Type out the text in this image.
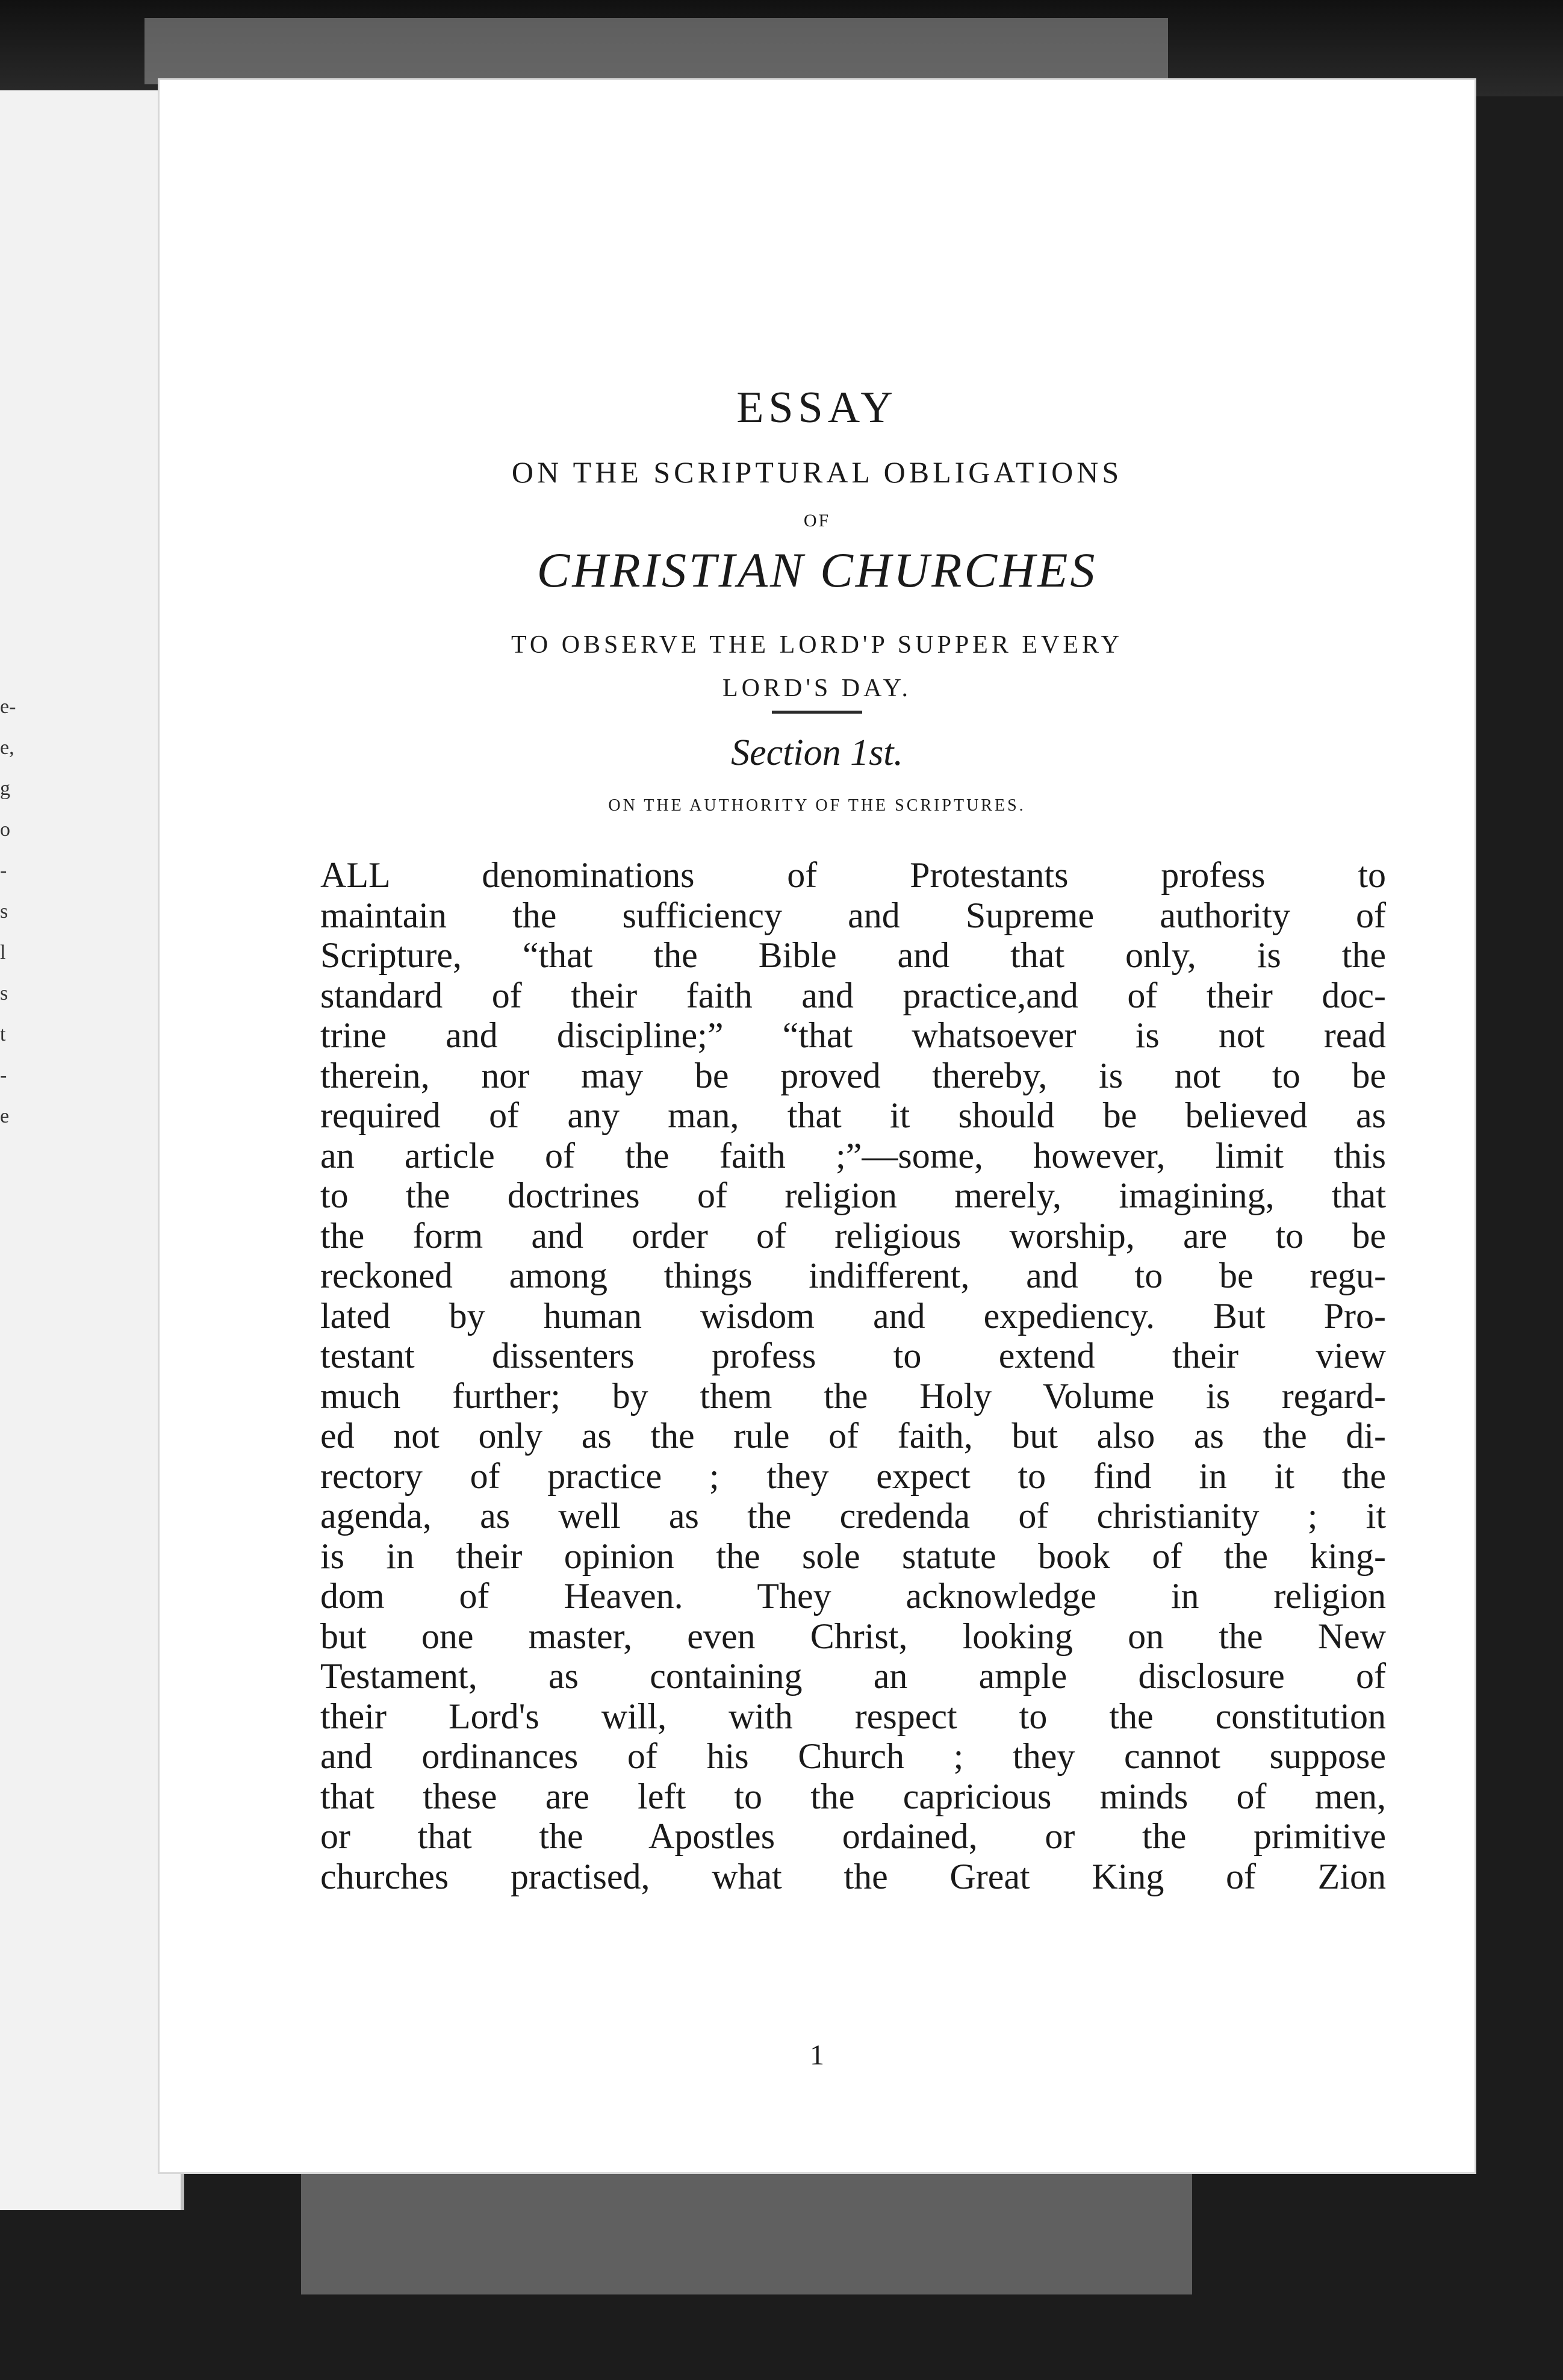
e-
e,
g
o
-
s
l
s
t
-
e
ESSAY
ON THE SCRIPTURAL OBLIGATIONS
OF
CHRISTIAN CHURCHES
TO OBSERVE THE LORD'P SUPPER EVERY
LORD'S DAY.
Section 1st.
ON THE AUTHORITY OF THE SCRIPTURES.
ALL denominations of Protestants profess to
maintain the sufficiency and Supreme authority of
Scripture, “that the Bible and that only, is the
standard of their faith and practice,and of their doc-
trine and discipline;” “that whatsoever is not read
therein, nor may be proved thereby, is not to be
required of any man, that it should be believed as
an article of the faith ;”—some, however, limit this
to the doctrines of religion merely, imagining, that
the form and order of religious worship, are to be
reckoned among things indifferent, and to be regu-
lated by human wisdom and expediency. But Pro-
testant dissenters profess to extend their view
much further; by them the Holy Volume is regard-
ed not only as the rule of faith, but also as the di-
rectory of practice ; they expect to find in it the
agenda, as well as the credenda of christianity ; it
is in their opinion the sole statute book of the king-
dom of Heaven. They acknowledge in religion
but one master, even Christ, looking on the New
Testament, as containing an ample disclosure of
their Lord's will, with respect to the constitution
and ordinances of his Church ; they cannot suppose
that these are left to the capricious minds of men,
or that the Apostles ordained, or the primitive
churches practised, what the Great King of Zion
1
